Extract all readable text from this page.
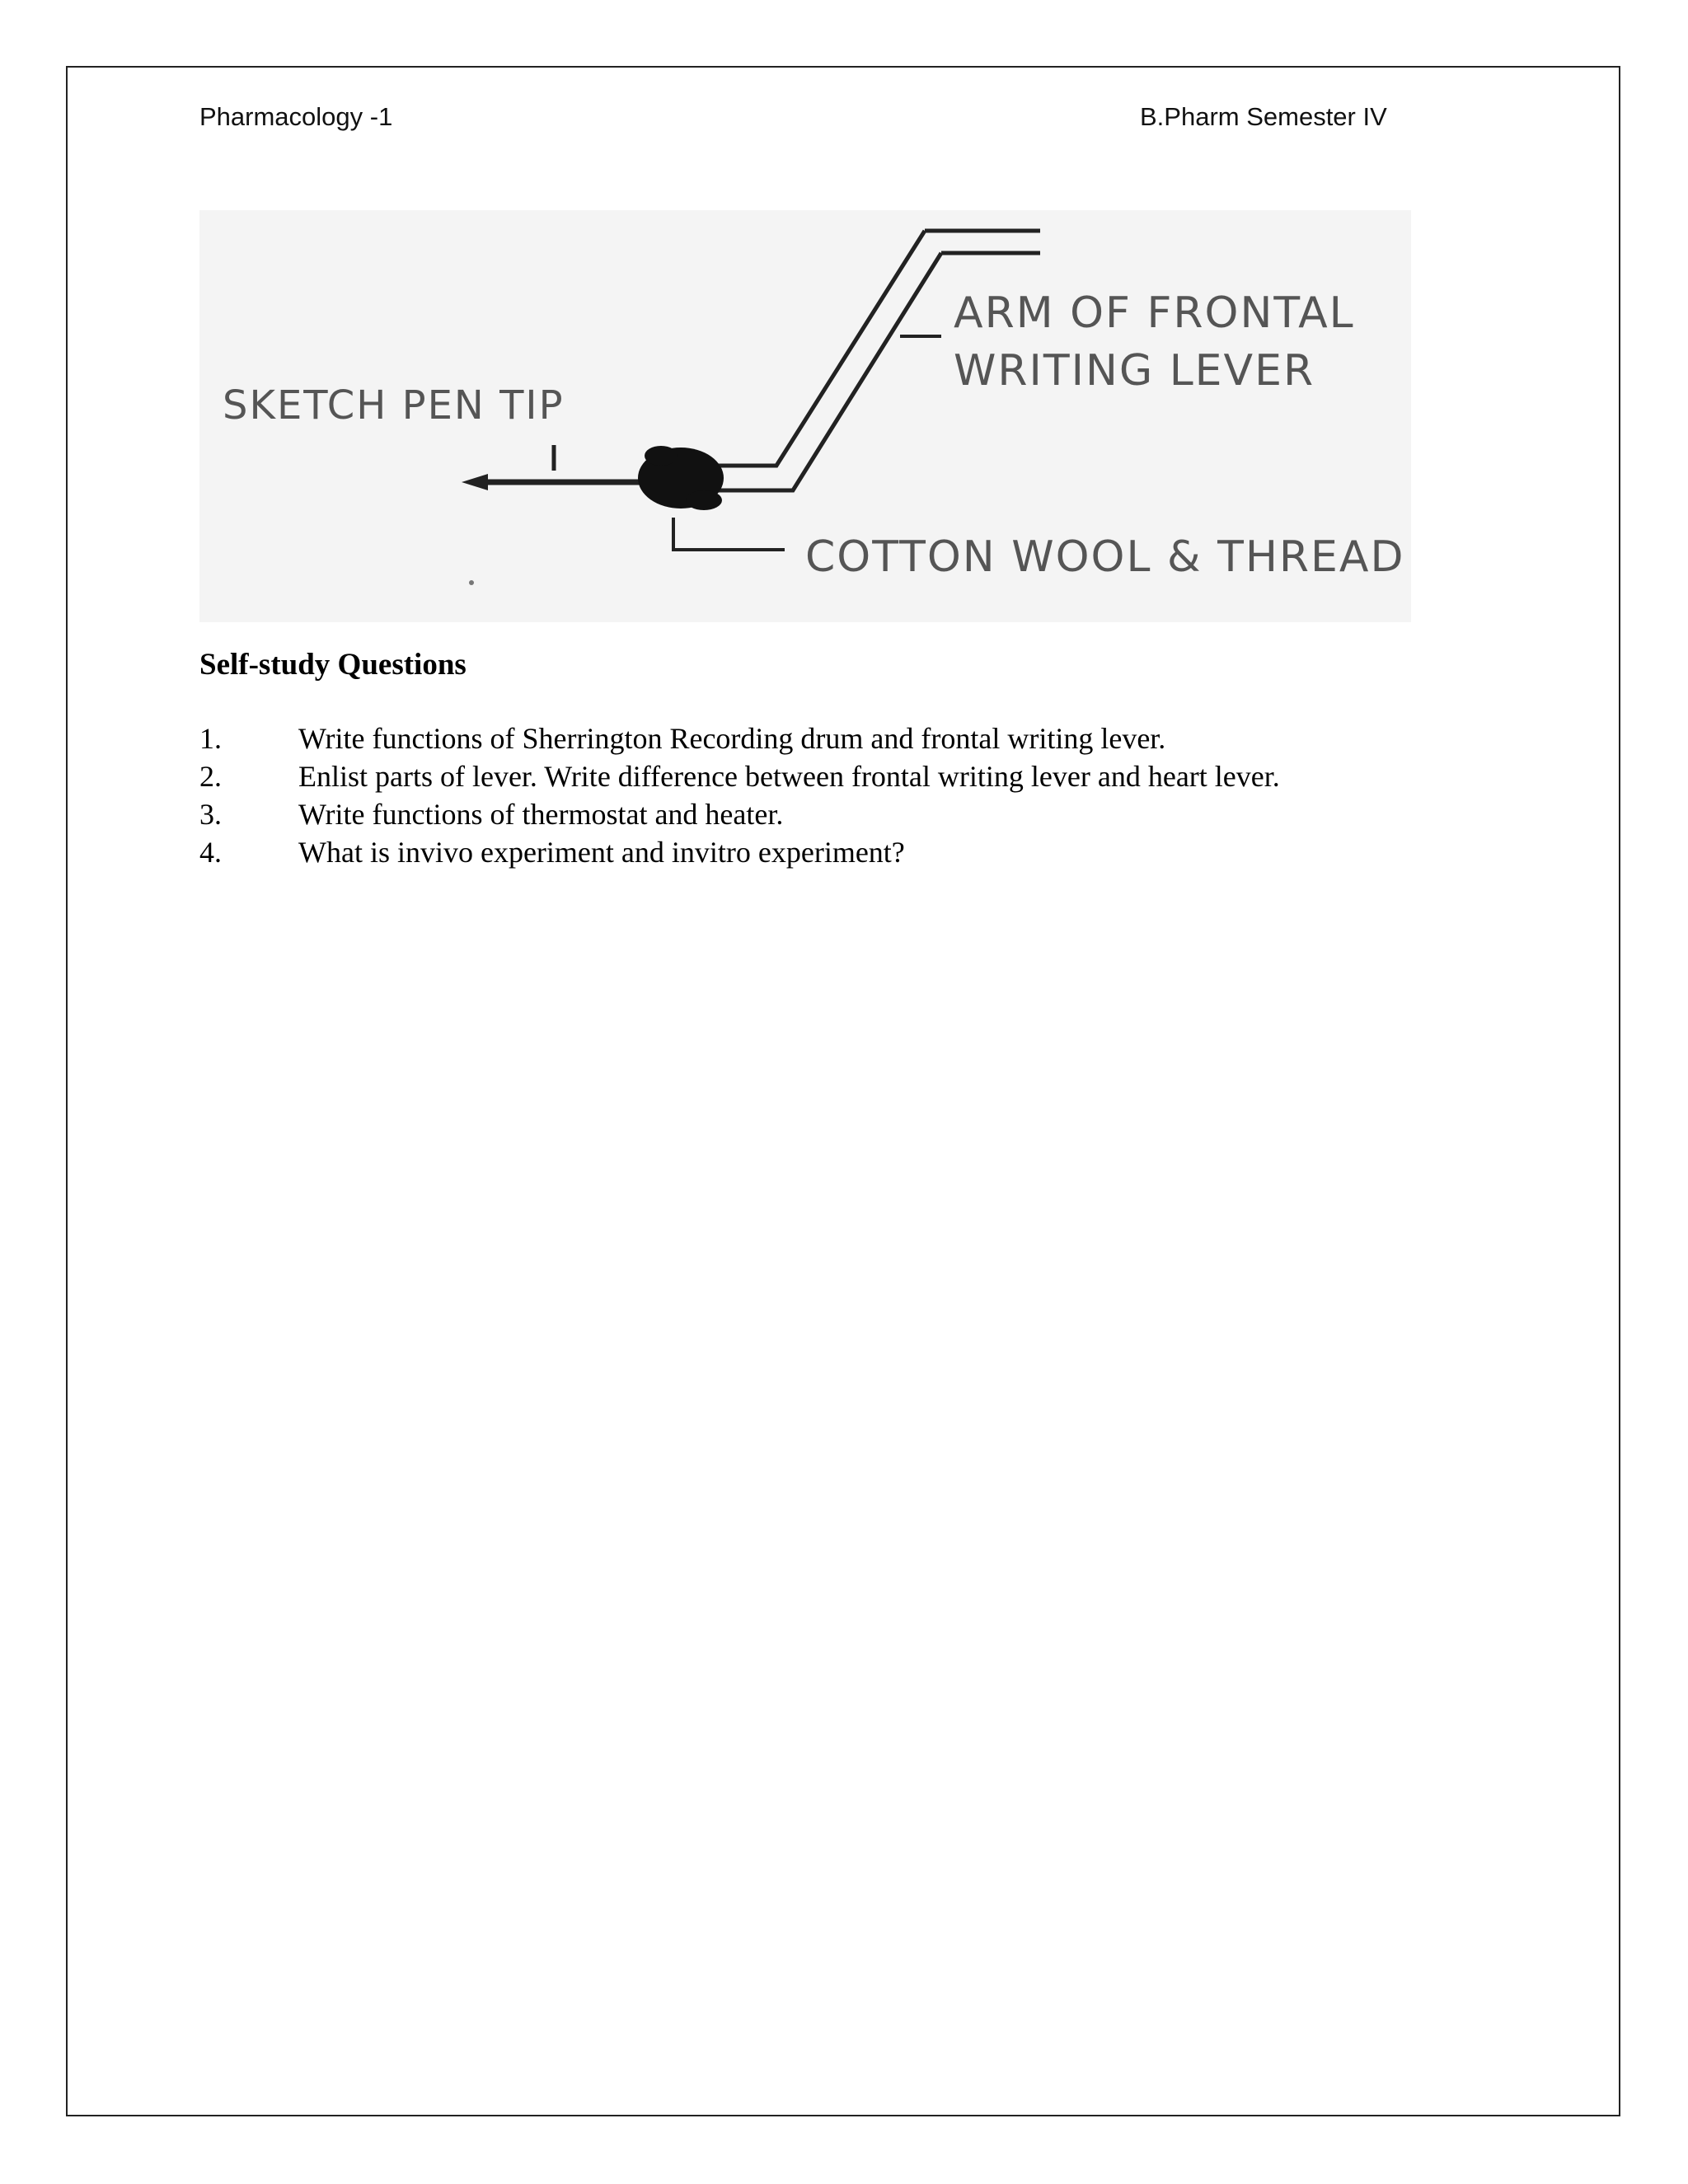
Pharmacology -1	B.Pharm Semester IV
ARM OF FRONTAL
WRITING LEVER
SKETCH PEN TIP
COTTON WOOL & THREAD
Self-study Questions
1.	Write functions of Sherrington Recording drum and frontal writing lever.
2.	Enlist parts of lever. Write difference between frontal writing lever and heart lever.
3.	Write functions of thermostat and heater.
4.	What is invivo experiment and invitro experiment?
